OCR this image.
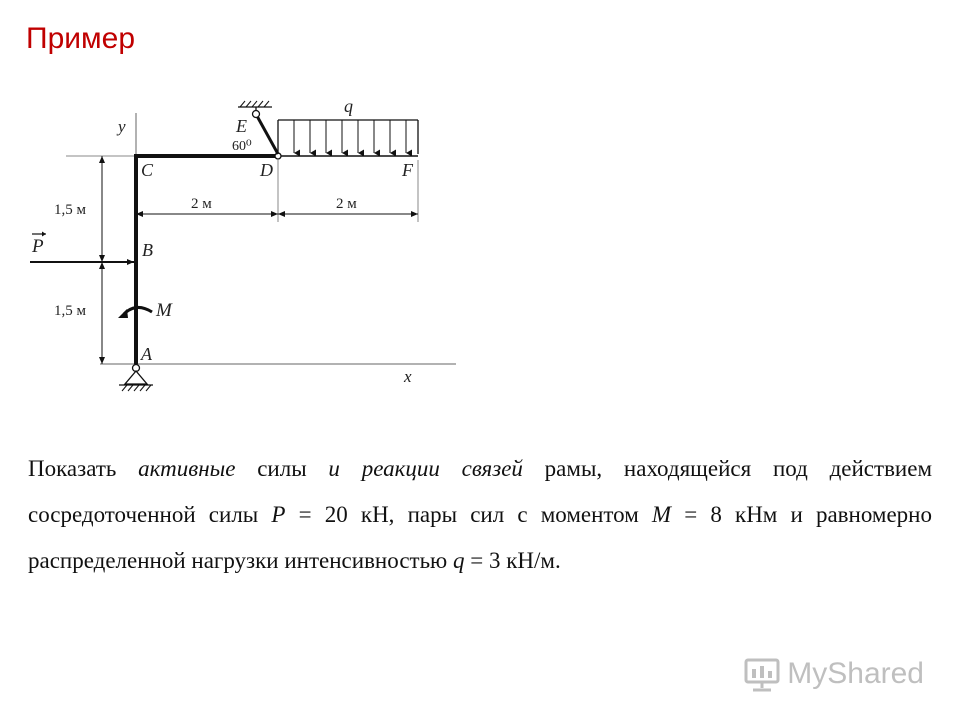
Пример
y
x
E
60⁰
q
C	D	F
2 м	2 м
1,5 м
1,5 м
P	B
M
A
Показать активные силы и реакции связей рамы, находящейся под действием сосредоточенной силы P = 20 кН, пары сил с моментом M = 8 кНм и равномерно распределенной нагрузки интенсивностью q = 3 кН/м.
MyShared
